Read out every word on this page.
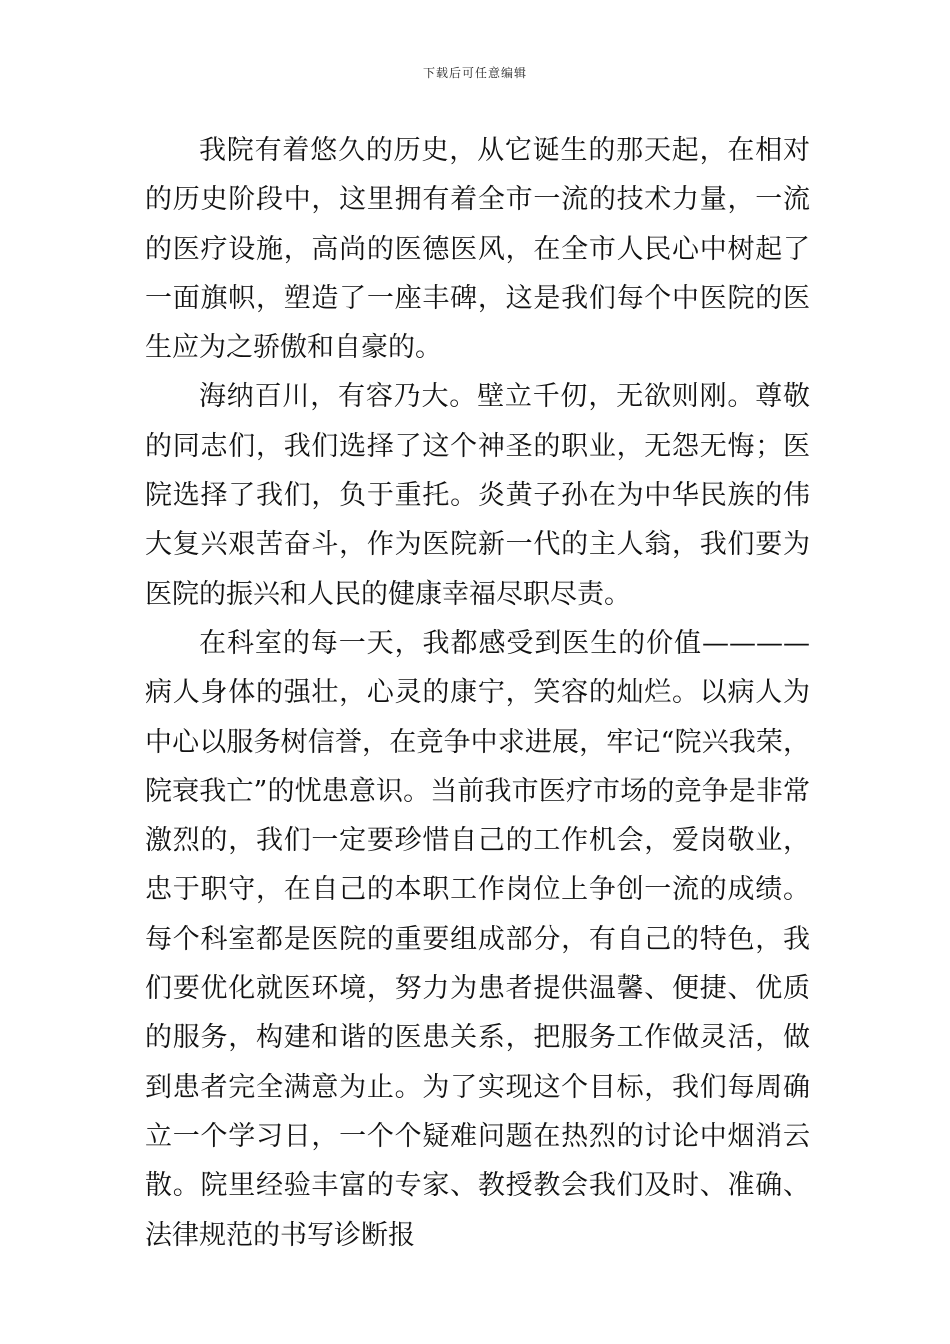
下载后可任意编辑

我院有着悠久的历史，从它诞生的那天起，在相对的历史阶段中，这里拥有着全市一流的技术力量，一流的医疗设施，高尚的医德医风，在全市人民心中树起了一面旗帜，塑造了一座丰碑，这是我们每个中医院的医生应为之骄傲和自豪的。

海纳百川，有容乃大。壁立千仞，无欲则刚。尊敬的同志们，我们选择了这个神圣的职业，无怨无悔；医院选择了我们，负于重托。炎黄子孙在为中华民族的伟大复兴艰苦奋斗，作为医院新一代的主人翁，我们要为医院的振兴和人民的健康幸福尽职尽责。

在科室的每一天，我都感受到医生的价值————病人身体的强壮，心灵的康宁，笑容的灿烂。以病人为中心以服务树信誉，在竞争中求进展，牢记“院兴我荣，院衰我亡”的忧患意识。当前我市医疗市场的竞争是非常激烈的，我们一定要珍惜自己的工作机会，爱岗敬业，忠于职守，在自己的本职工作岗位上争创一流的成绩。每个科室都是医院的重要组成部分，有自己的特色，我们要优化就医环境，努力为患者提供温馨、便捷、优质的服务，构建和谐的医患关系，把服务工作做灵活，做到患者完全满意为止。为了实现这个目标，我们每周确立一个学习日，一个个疑难问题在热烈的讨论中烟消云散。院里经验丰富的专家、教授教会我们及时、准确、法律规范的书写诊断报
